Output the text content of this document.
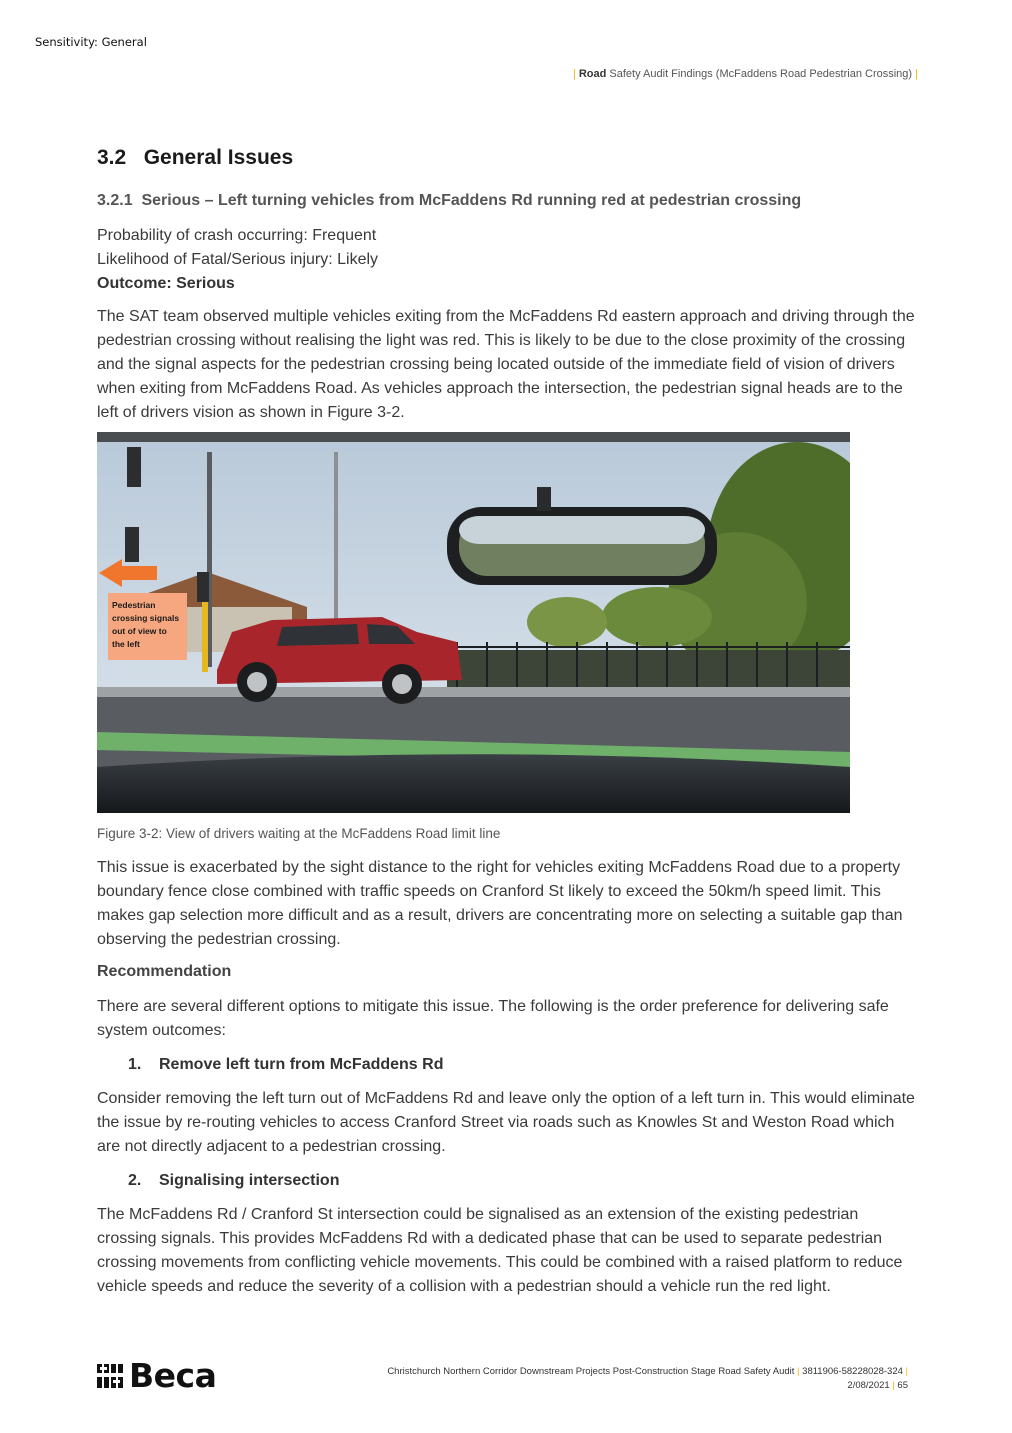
Sensitivity: General
| Road Safety Audit Findings (McFaddens Road Pedestrian Crossing) |
3.2 General Issues
3.2.1 Serious – Left turning vehicles from McFaddens Rd running red at pedestrian crossing
Probability of crash occurring: Frequent
Likelihood of Fatal/Serious injury: Likely
Outcome: Serious
The SAT team observed multiple vehicles exiting from the McFaddens Rd eastern approach and driving through the pedestrian crossing without realising the light was red. This is likely to be due to the close proximity of the crossing and the signal aspects for the pedestrian crossing being located outside of the immediate field of vision of drivers when exiting from McFaddens Road. As vehicles approach the intersection, the pedestrian signal heads are to the left of drivers vision as shown in Figure 3-2.
Pedestrian
crossing signals
out of view to
the left
Figure 3-2: View of drivers waiting at the McFaddens Road limit line
This issue is exacerbated by the sight distance to the right for vehicles exiting McFaddens Road due to a property boundary fence close combined with traffic speeds on Cranford St likely to exceed the 50km/h speed limit. This makes gap selection more difficult and as a result, drivers are concentrating more on selecting a suitable gap than observing the pedestrian crossing.
Recommendation
There are several different options to mitigate this issue. The following is the order preference for delivering safe system outcomes:
1. Remove left turn from McFaddens Rd
Consider removing the left turn out of McFaddens Rd and leave only the option of a left turn in. This would eliminate the issue by re-routing vehicles to access Cranford Street via roads such as Knowles St and Weston Road which are not directly adjacent to a pedestrian crossing.
2. Signalising intersection
The McFaddens Rd / Cranford St intersection could be signalised as an extension of the existing pedestrian crossing signals. This provides McFaddens Rd with a dedicated phase that can be used to separate pedestrian crossing movements from conflicting vehicle movements. This could be combined with a raised platform to reduce vehicle speeds and reduce the severity of a collision with a pedestrian should a vehicle run the red light.
Beca	Christchurch Northern Corridor Downstream Projects Post-Construction Stage Road Safety Audit | 3811906-58228028-324 |
2/08/2021 | 65
